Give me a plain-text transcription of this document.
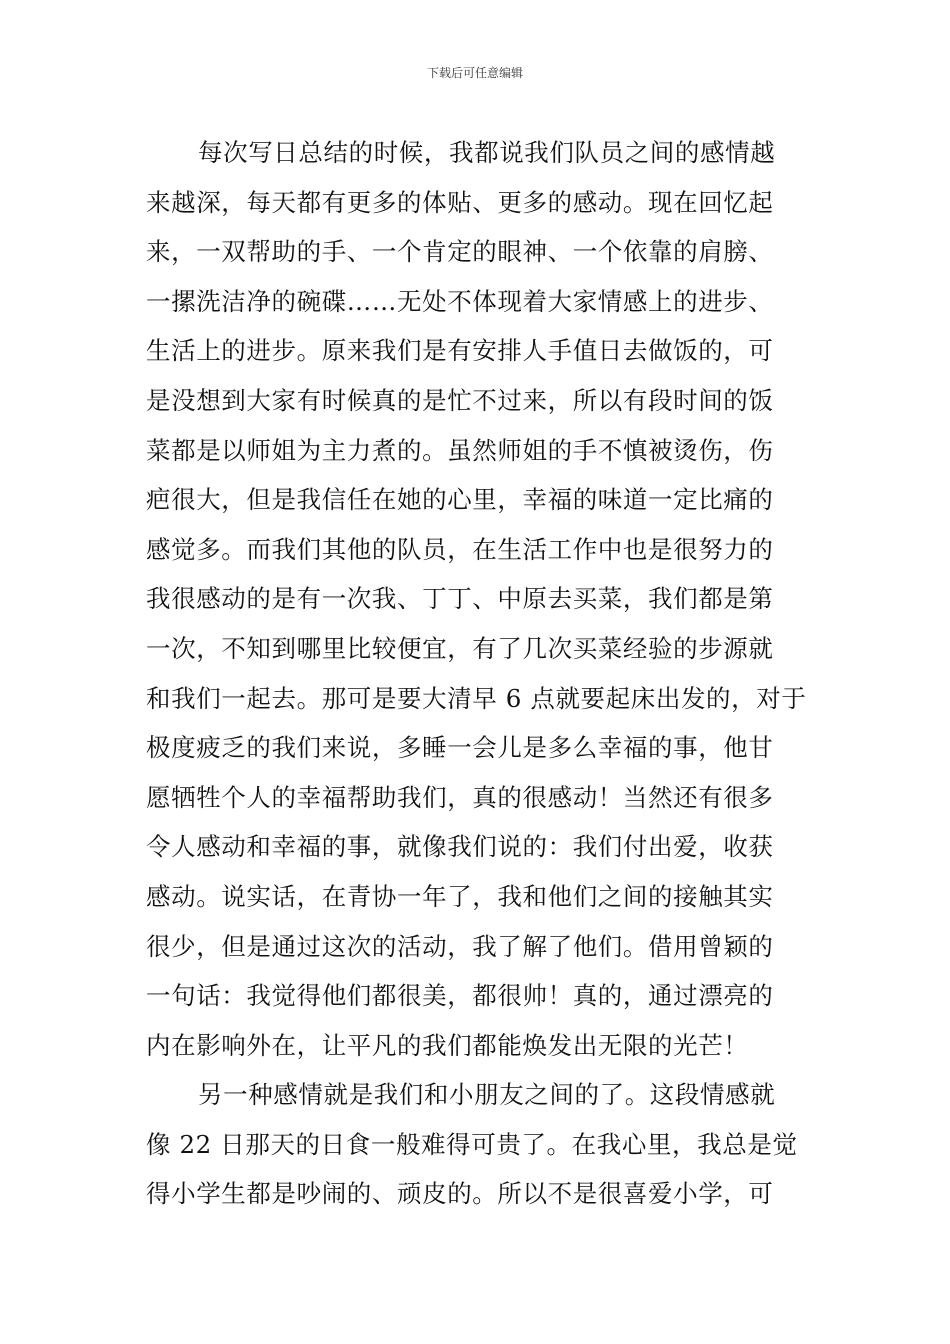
下载后可任意编辑
每次写日总结的时候，我都说我们队员之间的感情越
来越深，每天都有更多的体贴、更多的感动。现在回忆起
来，一双帮助的手、一个肯定的眼神、一个依靠的肩膀、
一摞洗洁净的碗碟……无处不体现着大家情感上的进步、
生活上的进步。原来我们是有安排人手值日去做饭的，可
是没想到大家有时候真的是忙不过来，所以有段时间的饭
菜都是以师姐为主力煮的。虽然师姐的手不慎被烫伤，伤
疤很大，但是我信任在她的心里，幸福的味道一定比痛的
感觉多。而我们其他的队员，在生活工作中也是很努力的
我很感动的是有一次我、丁丁、中原去买菜，我们都是第
一次，不知到哪里比较便宜，有了几次买菜经验的步源就
和我们一起去。那可是要大清早 6 点就要起床出发的，对于
极度疲乏的我们来说，多睡一会儿是多么幸福的事，他甘
愿牺牲个人的幸福帮助我们，真的很感动！当然还有很多
令人感动和幸福的事，就像我们说的：我们付出爱，收获
感动。说实话，在青协一年了，我和他们之间的接触其实
很少，但是通过这次的活动，我了解了他们。借用曾颖的
一句话：我觉得他们都很美，都很帅！真的，通过漂亮的
内在影响外在，让平凡的我们都能焕发出无限的光芒！
另一种感情就是我们和小朋友之间的了。这段情感就
像 22 日那天的日食一般难得可贵了。在我心里，我总是觉
得小学生都是吵闹的、顽皮的。所以不是很喜爱小学，可
